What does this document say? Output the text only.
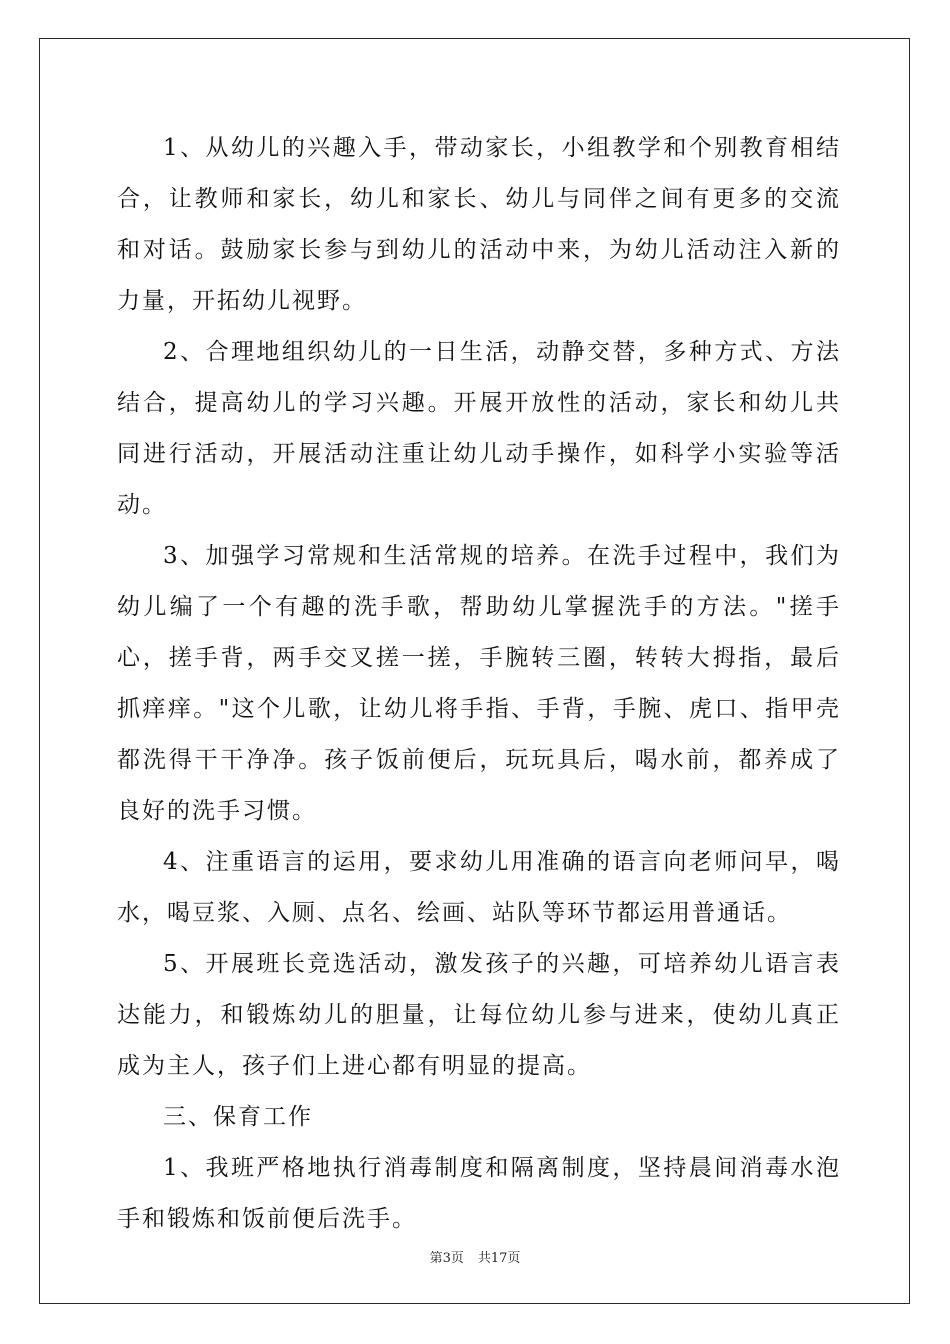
1、从幼儿的兴趣入手，带动家长，小组教学和个别教育相结合，让教师和家长，幼儿和家长、幼儿与同伴之间有更多的交流和对话。鼓励家长参与到幼儿的活动中来，为幼儿活动注入新的力量，开拓幼儿视野。

2、合理地组织幼儿的一日生活，动静交替，多种方式、方法结合，提高幼儿的学习兴趣。开展开放性的活动，家长和幼儿共同进行活动，开展活动注重让幼儿动手操作，如科学小实验等活动。

3、加强学习常规和生活常规的培养。在洗手过程中，我们为幼儿编了一个有趣的洗手歌，帮助幼儿掌握洗手的方法。"搓手心，搓手背，两手交叉搓一搓，手腕转三圈，转转大拇指，最后抓痒痒。"这个儿歌，让幼儿将手指、手背，手腕、虎口、指甲壳都洗得干干净净。孩子饭前便后，玩玩具后，喝水前，都养成了良好的洗手习惯。

4、注重语言的运用，要求幼儿用准确的语言向老师问早，喝水，喝豆浆、入厕、点名、绘画、站队等环节都运用普通话。

5、开展班长竞选活动，激发孩子的兴趣，可培养幼儿语言表达能力，和锻炼幼儿的胆量，让每位幼儿参与进来，使幼儿真正成为主人，孩子们上进心都有明显的提高。

三、保育工作

1、我班严格地执行消毒制度和隔离制度，坚持晨间消毒水泡手和锻炼和饭前便后洗手。

第3页 共17页
